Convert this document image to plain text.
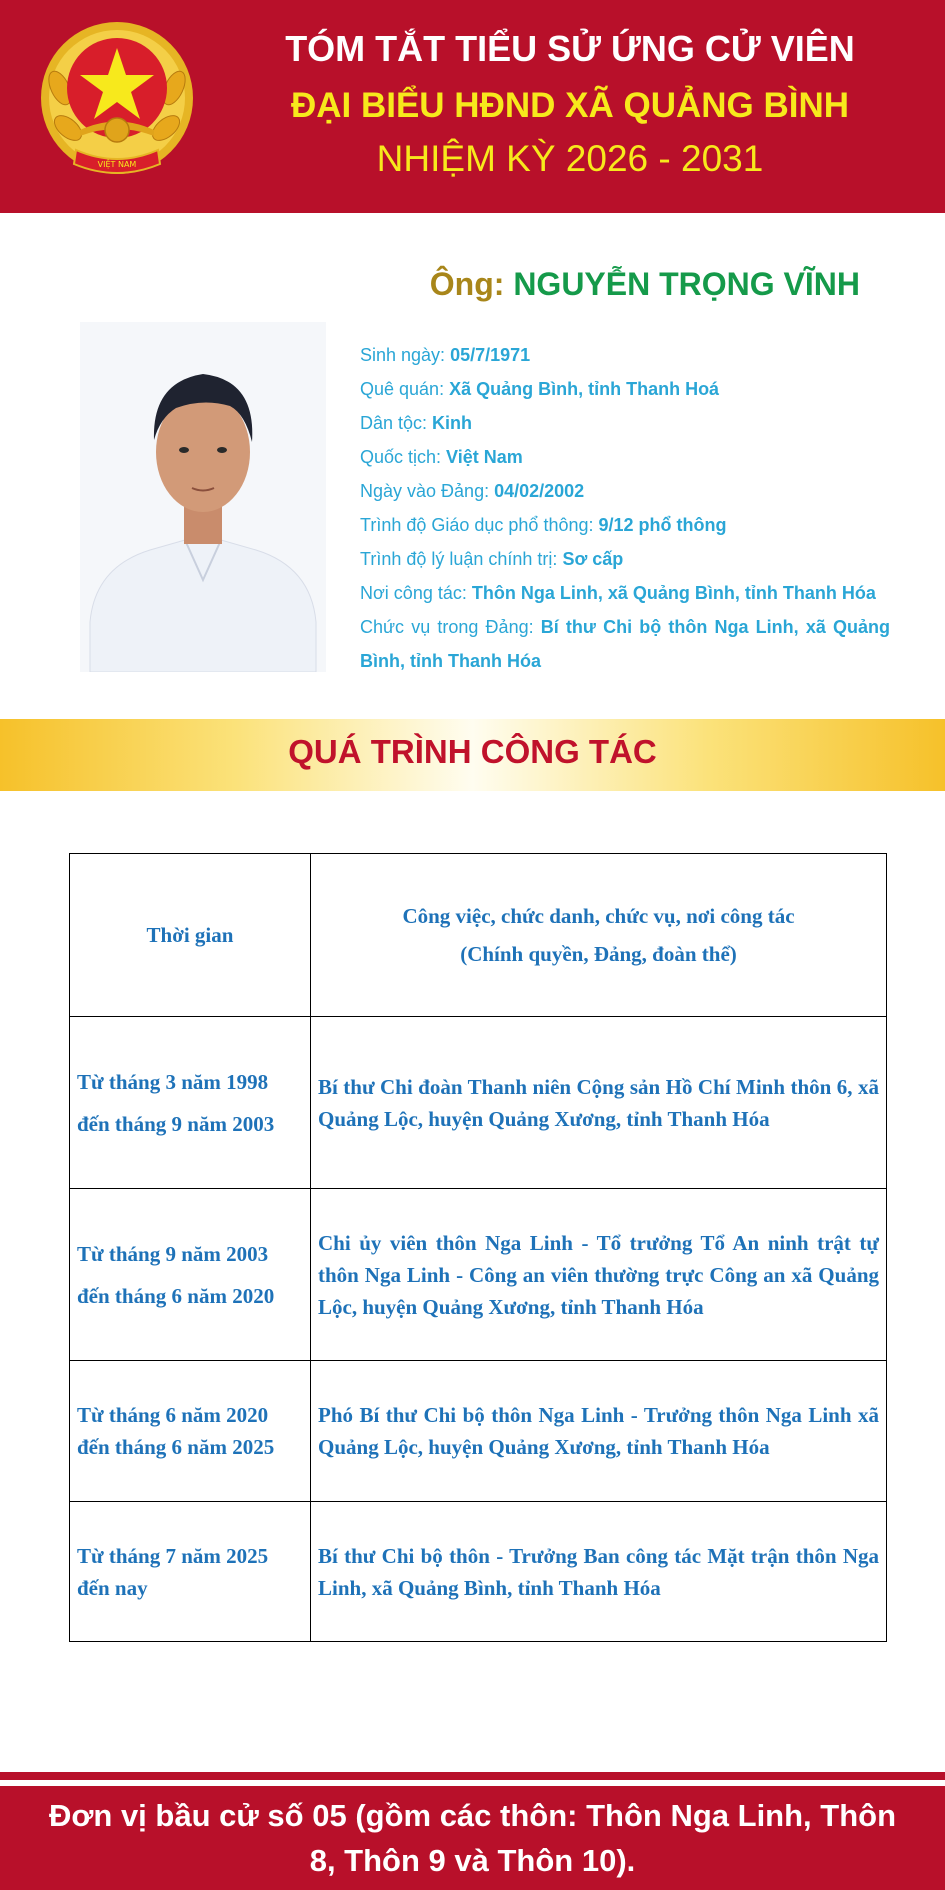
VIỆT NAM
TÓM TẮT TIỂU SỬ ỨNG CỬ VIÊN
ĐẠI BIỂU HĐND XÃ QUẢNG BÌNH
NHIỆM KỲ 2026 - 2031
Ông: NGUYỄN TRỌNG VĨNH
Sinh ngày: 05/7/1971
Quê quán: Xã Quảng Bình, tỉnh Thanh Hoá
Dân tộc: Kinh
Quốc tịch: Việt Nam
Ngày vào Đảng: 04/02/2002
Trình độ Giáo dục phổ thông: 9/12 phổ thông
Trình độ lý luận chính trị: Sơ cấp
Nơi công tác: Thôn Nga Linh, xã Quảng Bình, tỉnh Thanh Hóa
Chức vụ trong Đảng: Bí thư Chi bộ thôn Nga Linh, xã Quảng Bình, tỉnh Thanh Hóa
QUÁ TRÌNH CÔNG TÁC
Thời gian	Công việc, chức danh, chức vụ, nơi công tác
(Chính quyền, Đảng, đoàn thể)

Từ tháng 3 năm 1998 đến tháng 9 năm 2003	Bí thư Chi đoàn Thanh niên Cộng sản Hồ Chí Minh thôn 6, xã Quảng Lộc, huyện Quảng Xương, tỉnh Thanh Hóa
Từ tháng 9 năm 2003 đến tháng 6 năm 2020	Chi ủy viên thôn Nga Linh - Tổ trưởng Tổ An ninh trật tự thôn Nga Linh - Công an viên thường trực Công an xã Quảng Lộc, huyện Quảng Xương, tỉnh Thanh Hóa
Từ tháng 6 năm 2020 đến tháng 6 năm 2025	Phó Bí thư Chi bộ thôn Nga Linh - Trưởng thôn Nga Linh xã Quảng Lộc, huyện Quảng Xương, tỉnh Thanh Hóa
Từ tháng 7 năm 2025 đến nay	Bí thư Chi bộ thôn - Trưởng Ban công tác Mặt trận thôn Nga Linh, xã Quảng Bình, tỉnh Thanh Hóa
Đơn vị bầu cử số 05 (gồm các thôn: Thôn Nga Linh, Thôn 8, Thôn 9 và Thôn 10).
